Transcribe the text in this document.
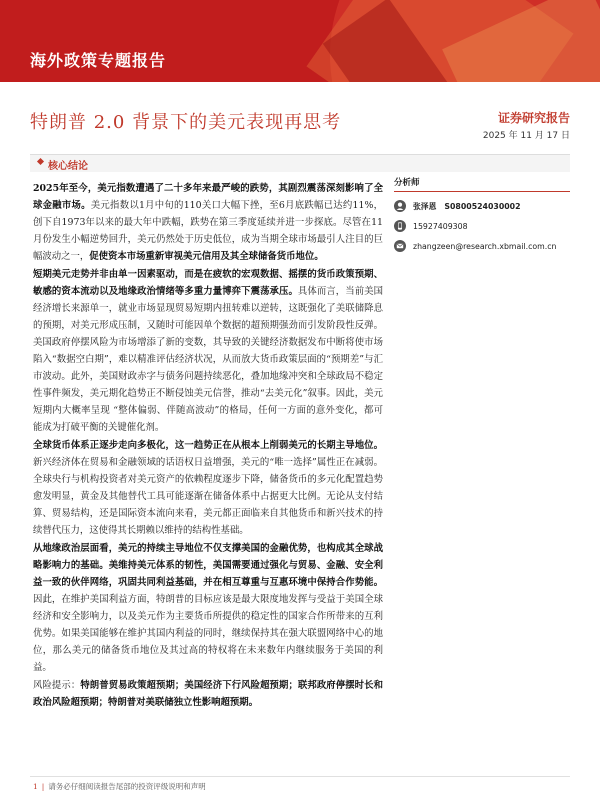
海外政策专题报告
特朗普 2.0 背景下的美元表现再思考	证券研究报告
2025 年 11 月 17 日
核心结论

2025年至今，美元指数遭遇了二十多年来最严峻的跌势，其剧烈震荡深刻影响了全球金融市场。美元指数以1月中旬的110关口大幅下挫，至6月底跌幅已达约11%，创下自1973年以来的最大年中跌幅，跌势在第三季度延续并进一步探底。尽管在11月份发生小幅逆势回升，美元仍然处于历史低位，成为当期全球市场最引人注目的巨幅波动之一，促使资本市场重新审视美元信用及其全球储备货币地位。

短期美元走势并非由单一因素驱动，而是在疲软的宏观数据、摇摆的货币政策预期、敏感的资本流动以及地缘政治情绪等多重力量博弈下震荡承压。具体而言，当前美国经济增长来源单一，就业市场显现贸易短期内扭转难以逆转，这既强化了美联储降息的预期，对美元形成压制，又随时可能因单个数据的超预期强劲而引发阶段性反弹。美国政府停摆风险为市场增添了新的变数，其导致的关键经济数据发布中断将使市场陷入“数据空白期”，难以精准评估经济状况，从而放大货币政策层面的“预期差”与汇市波动。此外，美国财政赤字与债务问题持续恶化，叠加地缘冲突和全球政局不稳定性事件频发，美元期化趋势正不断侵蚀美元信誉，推动“去美元化”叙事。因此，美元短期内大概率呈现 “整体偏弱、伴随高波动”的格局，任何一方面的意外变化，都可能成为打破平衡的关键催化剂。

全球货币体系正逐步走向多极化，这一趋势正在从根本上削弱美元的长期主导地位。新兴经济体在贸易和金融领域的话语权日益增强，美元的“唯一选择”属性正在减弱。全球央行与机构投资者对美元资产的依赖程度逐步下降，储备货币的多元化配置趋势愈发明显，黄金及其他替代工具可能逐渐在储备体系中占据更大比例。无论从支付结算、贸易结构，还是国际资本流向来看，美元都正面临来自其他货币和新兴技术的持续替代压力，这使得其长期赖以维持的结构性基础。

从地缘政治层面看，美元的持续主导地位不仅支撑美国的金融优势，也构成其全球战略影响力的基础。美维持美元体系的韧性，美国需要通过强化与贸易、金融、安全利益一致的伙伴网络，巩固共同利益基础，并在相互尊重与互惠环境中保持合作势能。因此，在维护美国利益方面，特朗普的目标应该是最大限度地发挥与受益于美国全球经济和安全影响力，以及美元作为主要货币所提供的稳定性的国家合作所带来的互利优势。如果美国能够在维护其国内利益的同时，继续保持其在强大联盟网络中心的地位，那么美元的储备货币地位及其过高的特权将在未来数年内继续服务于美国的利益。

风险提示：特朗普贸易政策超预期；美国经济下行风险超预期；联邦政府停摆时长和政治风险超预期；特朗普对美联储独立性影响超预期。

分析师
张泽恩 S0800524030002
15927409308
zhangzeen@research.xbmail.com.cn
1 | 请务必仔细阅读报告尾部的投资评级说明和声明
